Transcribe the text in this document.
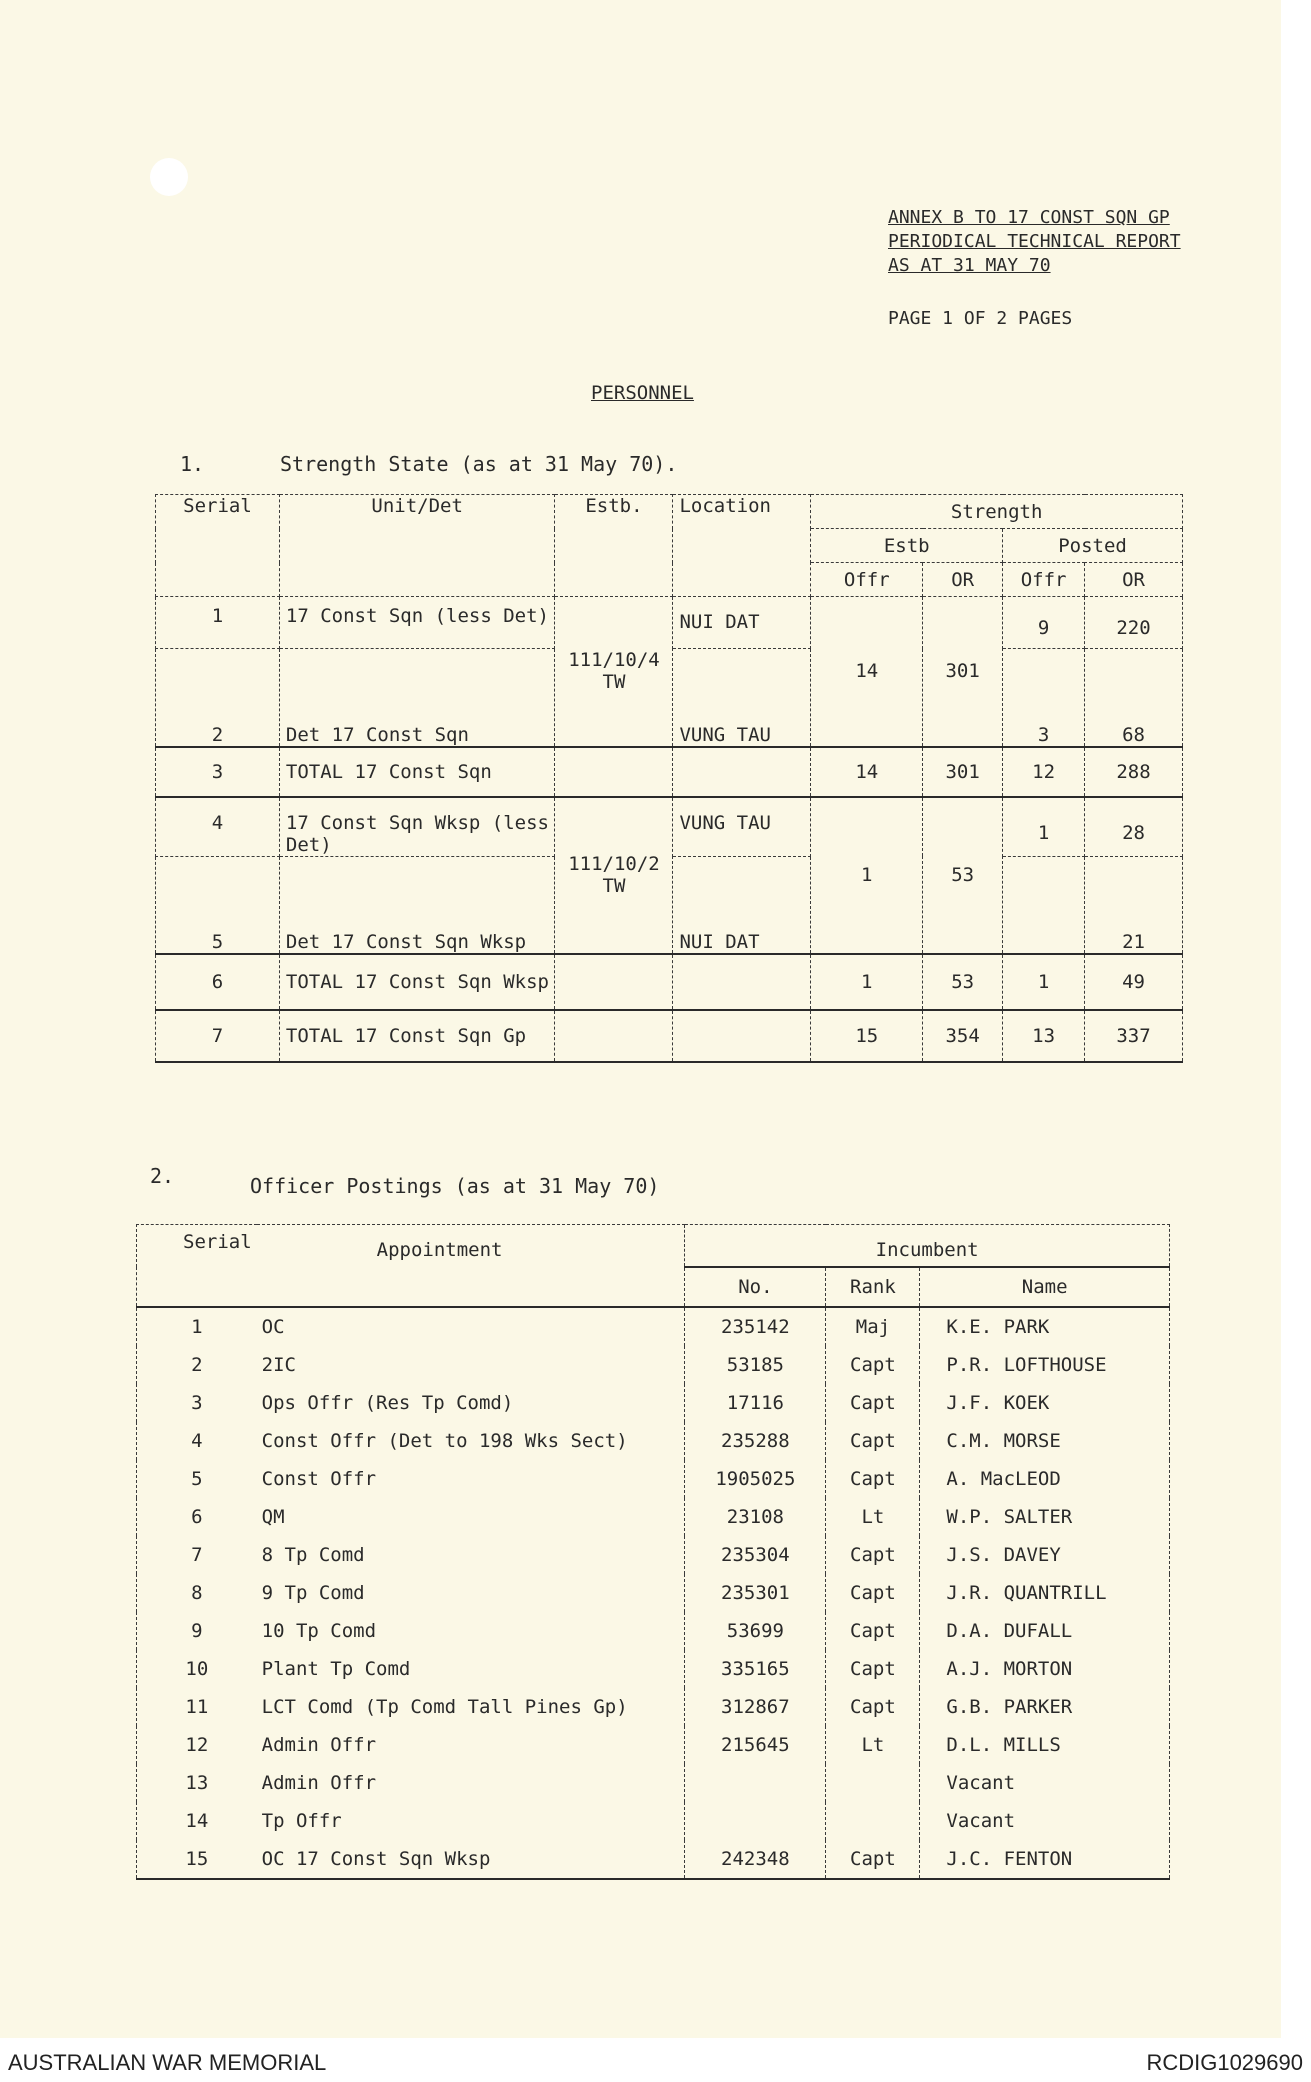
ANNEX B TO 17 CONST SQN GP
PERIODICAL TECHNICAL REPORT
AS AT 31 MAY 70
PAGE 1 OF 2 PAGES
PERSONNEL
1.	Strength State (as at 31 May 70).
Serial	Unit/Det	Estb.	Location	Strength			
				Estb		Posted	
				Offr	OR	Offr	OR
1	17 Const Sqn (less Det)	111/10/4 TW	NUI DAT	14	301	9	220
2	Det 17 Const Sqn		VUNG TAU			3	68
3	TOTAL 17 Const Sqn			14	301	12	288
4	17 Const Sqn Wksp (less Det)	111/10/2 TW	VUNG TAU	1	53	1	28
5	Det 17 Const Sqn Wksp		NUI DAT				21
6	TOTAL 17 Const Sqn Wksp			1	53	1	49
7	TOTAL 17 Const Sqn Gp			15	354	13	337
2.	Officer Postings (as at 31 May 70)
Serial	Appointment	Incumbent		
		No.	Rank	Name
1	OC	235142	Maj	K.E. PARK
2	2IC	53185	Capt	P.R. LOFTHOUSE
3	Ops Offr (Res Tp Comd)	17116	Capt	J.F. KOEK
4	Const Offr (Det to 198 Wks Sect)	235288	Capt	C.M. MORSE
5	Const Offr	1905025	Capt	A. MacLEOD
6	QM	23108	Lt	W.P. SALTER
7	8 Tp Comd	235304	Capt	J.S. DAVEY
8	9 Tp Comd	235301	Capt	J.R. QUANTRILL
9	10 Tp Comd	53699	Capt	D.A. DUFALL
10	Plant Tp Comd	335165	Capt	A.J. MORTON
11	LCT Comd (Tp Comd Tall Pines Gp)	312867	Capt	G.B. PARKER
12	Admin Offr	215645	Lt	D.L. MILLS
13	Admin Offr			Vacant
14	Tp Offr			Vacant
15	OC 17 Const Sqn Wksp	242348	Capt	J.C. FENTON
AUSTRALIAN WAR MEMORIAL	RCDIG1029690
